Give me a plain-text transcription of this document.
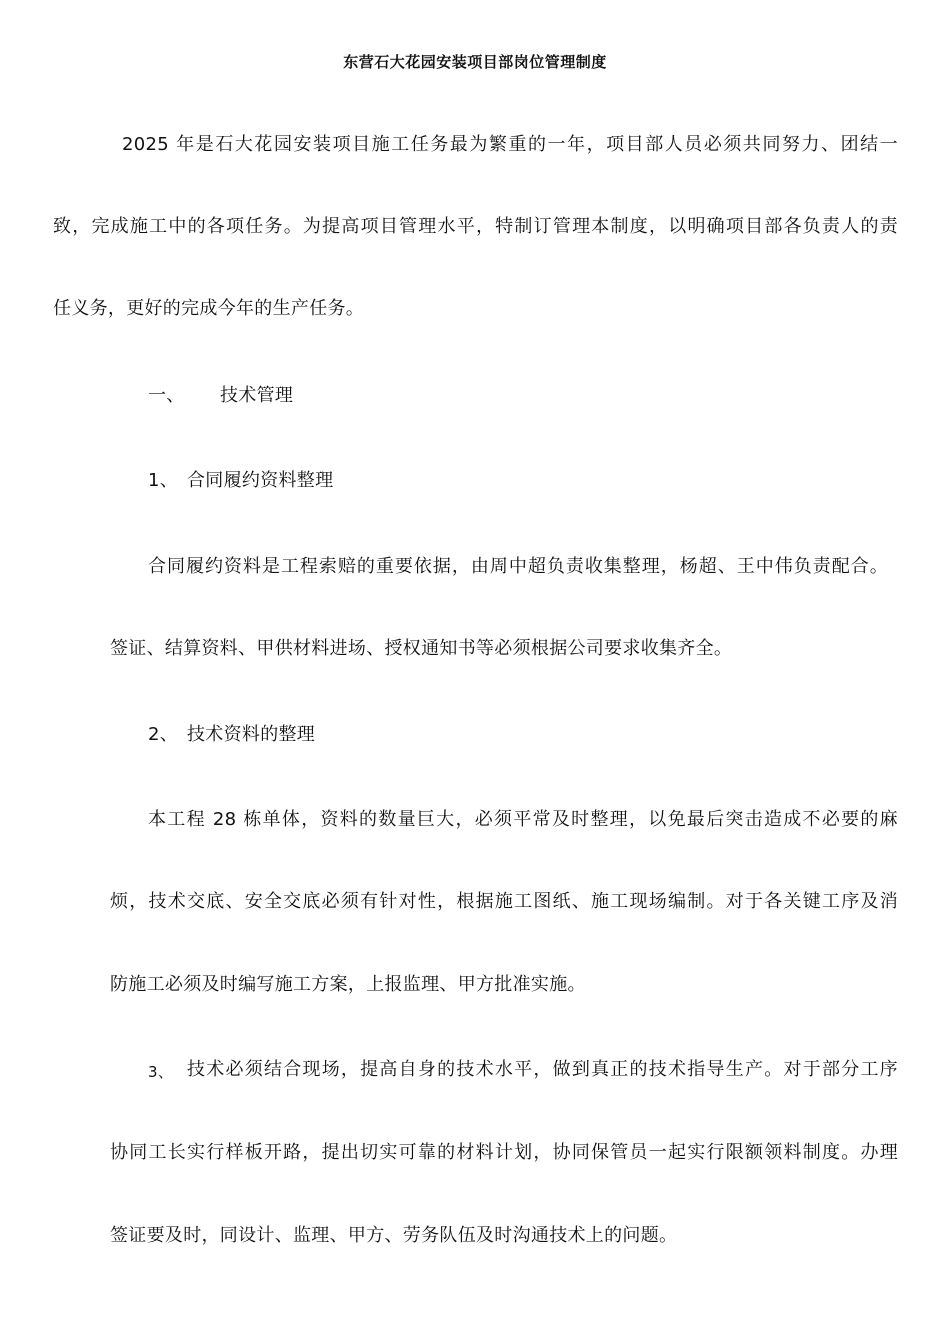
东营石大花园安装项目部岗位管理制度
2025 年是石大花园安装项目施工任务最为繁重的一年，项目部人员必须共同努力、团结一
致，完成施工中的各项任务。为提高项目管理水平，特制订管理本制度，以明确项目部各负责人的责
任义务，更好的完成今年的生产任务。
一、 技术管理
1、 合同履约资料整理
合同履约资料是工程索赔的重要依据，由周中超负责收集整理，杨超、王中伟负责配合。
签证、结算资料、甲供材料进场、授权通知书等必须根据公司要求收集齐全。
2、 技术资料的整理
本工程 28 栋单体，资料的数量巨大，必须平常及时整理，以免最后突击造成不必要的麻
烦，技术交底、安全交底必须有针对性，根据施工图纸、施工现场编制。对于各关键工序及消
防施工必须及时编写施工方案，上报监理、甲方批准实施。
3、 技术必须结合现场，提高自身的技术水平，做到真正的技术指导生产。对于部分工序
协同工长实行样板开路，提出切实可靠的材料计划，协同保管员一起实行限额领料制度。办理
签证要及时，同设计、监理、甲方、劳务队伍及时沟通技术上的问题。
